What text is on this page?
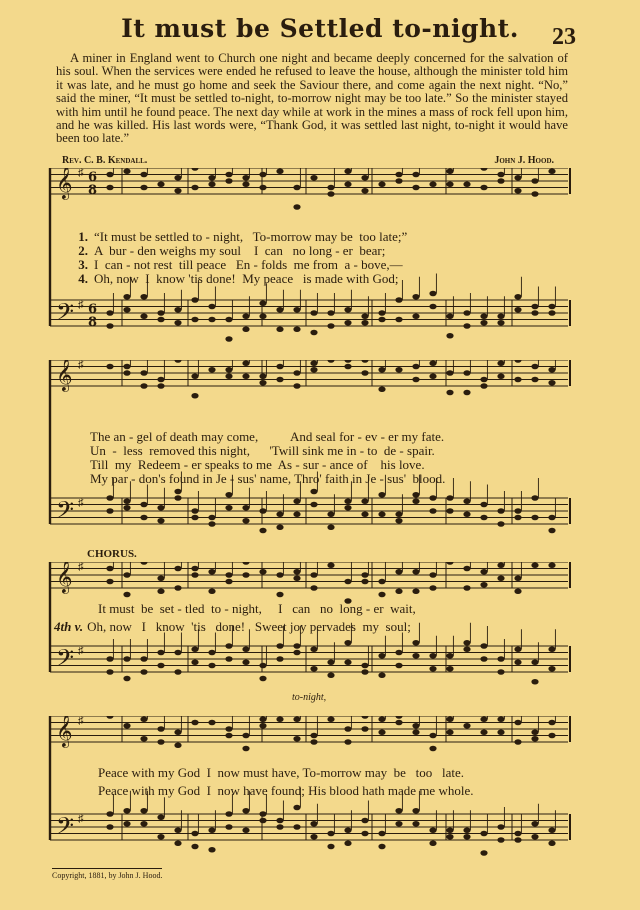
It must be Settled to-night.	23
A miner in England went to Church one night and became deeply concerned for the salvation of his soul. When the services were ended he refused to leave the house, although the minister told him it was late, and he must go home and seek the Saviour there, and come again the next night. “No,” said the miner, “It must be settled to-night, to-morrow night may be too late.” So the minister stayed with him until he found peace. The next day while at work in the mines a mass of rock fell upon him, and he was killed. His last words were, “Thank God, it was settled last night, to-night it would have been too late.”
Rev. C. B. Kendall.	John J. Hood.
𝄞 ♯ 6
8
𝄢 ♯ 6
8
1. “It must be settled to - night,   To-morrow may be  too late;”
2. A  bur - den weighs my soul    I  can   no long - er  bear;
3. I  can - not rest  till peace   En - folds  me from  a - bove,—
4. Oh, now  I  know 'tis done!  My peace   is made with God;
𝄞 ♯
𝄢 ♯
The an - gel of death may come,          And seal for - ev - er my fate.
Un  -  less  removed this night,      'Twill sink me in - to  de - spair.
Till  my  Redeem - er speaks to me  As - sur - ance of    his love.
My par - don's found in Je - sus' name, Thro' faith in Je - sus'  blood.
CHORUS.
𝄞 ♯
𝄢 ♯
It must  be  set - tled  to - night,     I   can   no  long - er  wait,
4th v. Oh, now   I   know  'tis   done!   Sweet joy pervades  my  soul;
to-night,
𝄞 ♯
𝄢 ♯
Peace with my God  I  now must have, To-morrow may  be   too   late.
Peace with my God  I  now have found; His blood hath made me whole.
Copyright, 1881, by John J. Hood.
